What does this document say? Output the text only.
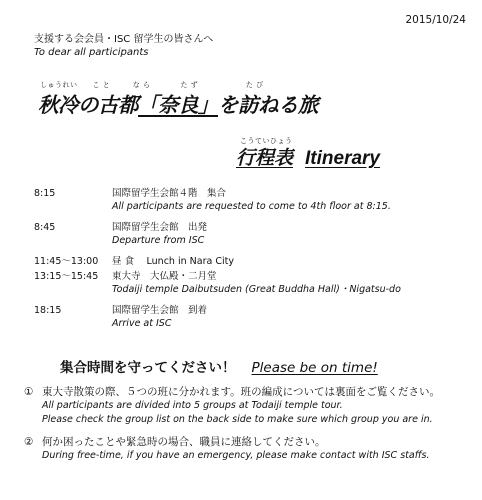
2015/10/24
支援する会会員・ISC 留学生の皆さんへ
To dear all participants
しゅうれい　　こ と　　　な ら　　　　た ず　　　　　　 た び
秋冷の古都「奈良」を訪ねる旅
こうていひょう
行程表 Itinerary
8:15	国際留学生会館４階　集合
All participants are requested to come to 4th floor at 8:15.
8:45	国際留学生会館　出発
Departure from ISC
11:45～13:00	昼 食　 Lunch in Nara City
13:15～15:45	東大寺　大仏殿・二月堂
Todaiji temple Daibutsuden (Great Buddha Hall)・Nigatsu-do
18:15	国際留学生会館　到着
Arrive at ISC
集合時間を守ってください！ Please be on time!
① 東大寺散策の際、５つの班に分かれます。班の編成については裏面をご覧ください。
All participants are divided into 5 groups at Todaiji temple tour.
Please check the group list on the back side to make sure which group you are in.
② 何か困ったことや緊急時の場合、職員に連絡してください。
During free-time, if you have an emergency, please make contact with ISC staffs.
